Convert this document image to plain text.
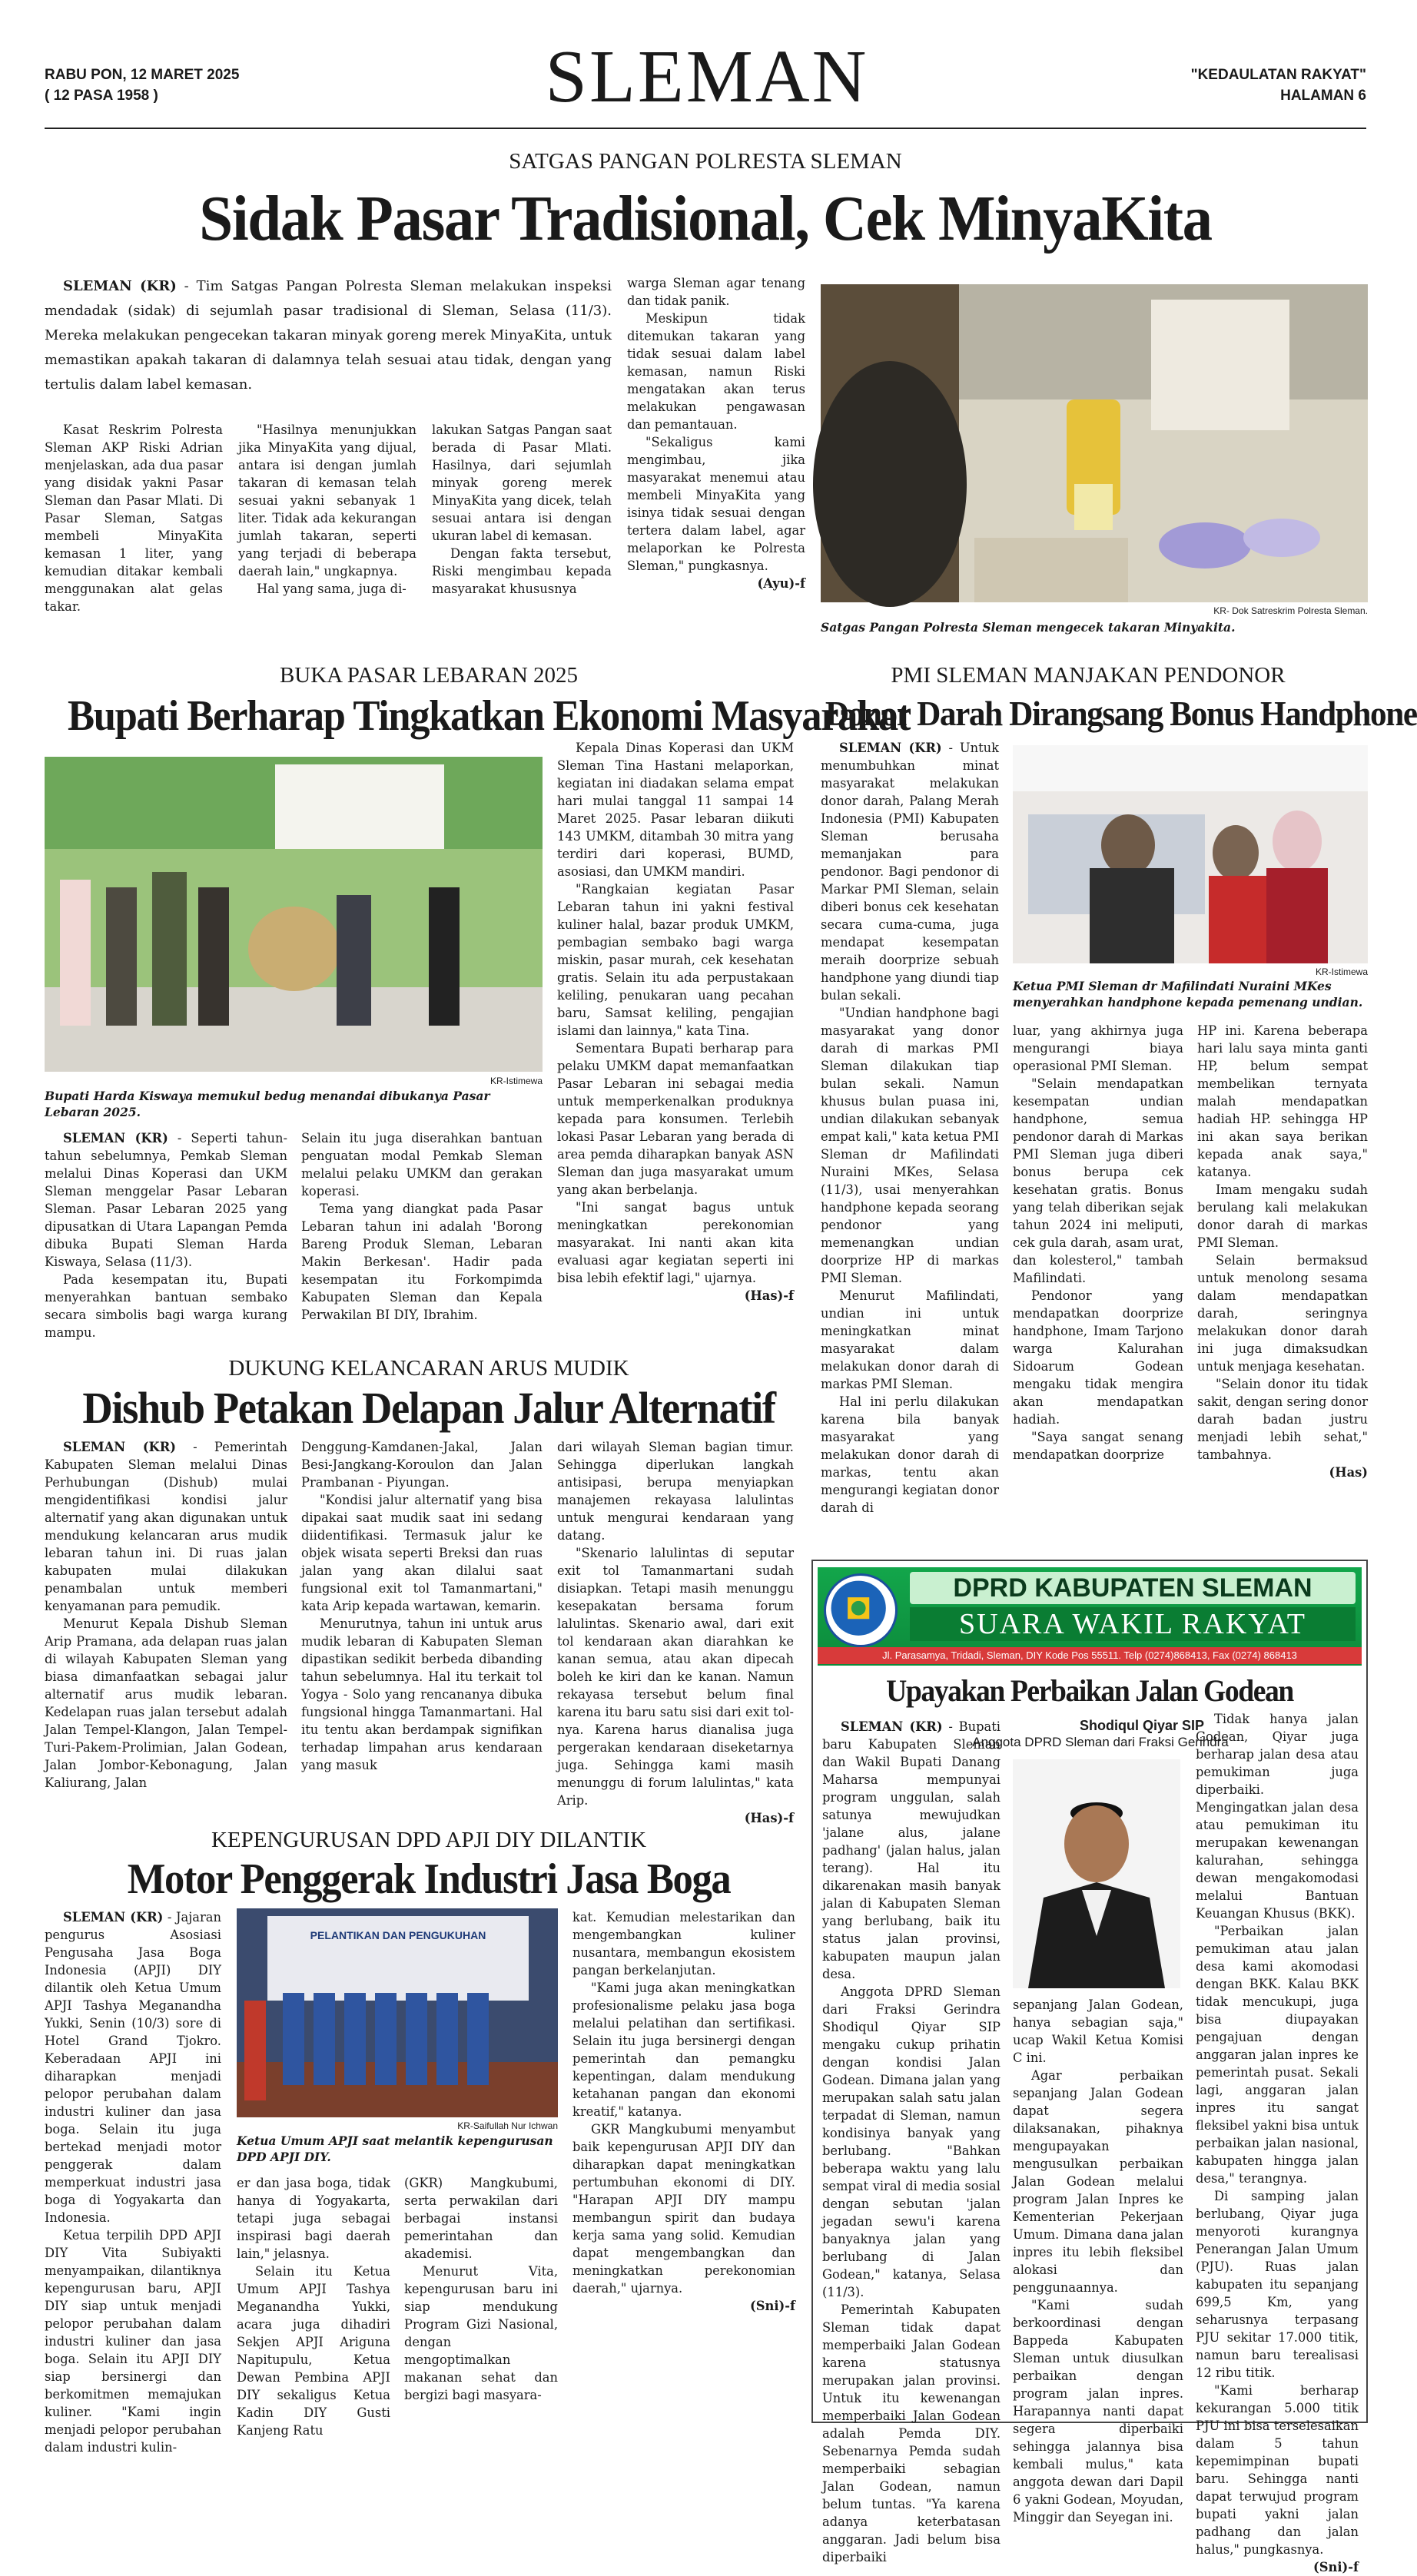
RABU PON, 12 MARET 2025
( 12 PASA 1958 )	SLEMAN	"KEDAULATAN RAKYAT"
HALAMAN 6
SATGAS PANGAN POLRESTA SLEMAN
Sidak Pasar Tradisional, Cek MinyaKita

SLEMAN (KR) - Tim Satgas Pangan Polresta Sleman melakukan inspeksi mendadak (sidak) di sejumlah pasar tradisional di Sleman, Selasa (11/3). Mereka melakukan pengecekan takaran minyak goreng merek MinyaKita, untuk memastikan apakah takaran di dalamnya telah sesuai atau tidak, dengan yang tertulis dalam label kemasan.

Kasat Reskrim Polresta Sleman AKP Riski Adrian menjelaskan, ada dua pasar yang disidak yakni Pasar Sleman dan Pasar Mlati. Di Pasar Sleman, Satgas membeli MinyaKita kemasan 1 liter, yang kemudian ditakar kembali menggunakan alat gelas takar.

"Hasilnya menunjukkan jika MinyaKita yang dijual, antara isi dengan jumlah takaran di kemasan telah sesuai yakni sebanyak 1 liter. Tidak ada kekurangan jumlah takaran, seperti yang terjadi di beberapa daerah lain," ungkapnya.

Hal yang sama, juga di-

lakukan Satgas Pangan saat berada di Pasar Mlati. Hasilnya, dari sejumlah minyak goreng merek MinyaKita yang dicek, telah sesuai antara isi dengan ukuran label di kemasan.

Dengan fakta tersebut, Riski mengimbau kepada masyarakat khususnya

warga Sleman agar tenang dan tidak panik.

Meskipun tidak ditemukan takaran yang tidak sesuai dalam label kemasan, namun Riski mengatakan akan terus melakukan pengawasan dan pemantauan.

"Sekaligus kami mengimbau, jika masyarakat menemui atau membeli MinyaKita yang isinya tidak sesuai dengan tertera dalam label, agar melaporkan ke Polresta Sleman," pungkasnya.

(Ayu)-f

KR- Dok Satreskrim Polresta Sleman.
Satgas Pangan Polresta Sleman mengecek takaran Minyakita.
BUKA PASAR LEBARAN 2025
Bupati Berharap Tingkatkan Ekonomi Masyarakat
KR-Istimewa
Bupati Harda Kiswaya memukul bedug menandai dibukanya Pasar Lebaran 2025.

SLEMAN (KR) - Seperti tahun-tahun sebelumnya, Pemkab Sleman melalui Dinas Koperasi dan UKM Sleman menggelar Pasar Lebaran Sleman. Pasar Lebaran 2025 yang dipusatkan di Utara Lapangan Pemda dibuka Bupati Sleman Harda Kiswaya, Selasa (11/3).

Pada kesempatan itu, Bupati menyerahkan bantuan sembako secara simbolis bagi warga kurang mampu.

Selain itu juga diserahkan bantuan penguatan modal Pemkab Sleman melalui pelaku UMKM dan gerakan koperasi.

Tema yang diangkat pada Pasar Lebaran tahun ini adalah 'Borong Bareng Produk Sleman, Lebaran Makin Berkesan'. Hadir pada kesempatan itu Forkompimda Kabupaten Sleman dan Kepala Perwakilan BI DIY, Ibrahim.

Kepala Dinas Koperasi dan UKM Sleman Tina Hastani melaporkan, kegiatan ini diadakan selama empat hari mulai tanggal 11 sampai 14 Maret 2025. Pasar lebaran diikuti 143 UMKM, ditambah 30 mitra yang terdiri dari koperasi, BUMD, asosiasi, dan UMKM mandiri.

"Rangkaian kegiatan Pasar Lebaran tahun ini yakni festival kuliner halal, bazar produk UMKM, pembagian sembako bagi warga miskin, pasar murah, cek kesehatan gratis. Selain itu ada perpustakaan keliling, penukaran uang pecahan baru, Samsat keliling, pengajian islami dan lainnya," kata Tina.

Sementara Bupati berharap para pelaku UMKM dapat memanfaatkan Pasar Lebaran ini sebagai media untuk memperkenalkan produknya kepada para konsumen. Terlebih lokasi Pasar Lebaran yang berada di area pemda diharapkan banyak ASN Sleman dan juga masyarakat umum yang akan berbelanja.

"Ini sangat bagus untuk meningkatkan perekonomian masyarakat. Ini nanti akan kita evaluasi agar kegiatan seperti ini bisa lebih efektif lagi," ujarnya.

(Has)-f

PMI SLEMAN MANJAKAN PENDONOR
Donor Darah Dirangsang Bonus Handphone

SLEMAN (KR) - Untuk menumbuhkan minat masyarakat melakukan donor darah, Palang Merah Indonesia (PMI) Kabupaten Sleman berusaha memanjakan para pendonor. Bagi pendonor di Markar PMI Sleman, selain diberi bonus cek kesehatan secara cuma-cuma, juga mendapat kesempatan meraih doorprize sebuah handphone yang diundi tiap bulan sekali.

"Undian handphone bagi masyarakat yang donor darah di markas PMI Sleman dilakukan tiap bulan sekali. Namun khusus bulan puasa ini, undian dilakukan sebanyak empat kali," kata ketua PMI Sleman dr Mafilindati Nuraini MKes, Selasa (11/3), usai menyerahkan handphone kepada seorang pendonor yang memenangkan undian doorprize HP di markas PMI Sleman.

Menurut Mafilindati, undian ini untuk meningkatkan minat masyarakat dalam melakukan donor darah di markas PMI Sleman.

Hal ini perlu dilakukan karena bila banyak masyarakat yang melakukan donor darah di markas, tentu akan mengurangi kegiatan donor darah di

KR-Istimewa
Ketua PMI Sleman dr Mafilindati Nuraini MKes menyerahkan handphone kepada pemenang undian.

luar, yang akhirnya juga mengurangi biaya operasional PMI Sleman.

"Selain mendapatkan kesempatan undian handphone, semua pendonor darah di Markas PMI Sleman juga diberi bonus berupa cek kesehatan gratis. Bonus yang telah diberikan sejak tahun 2024 ini meliputi, cek gula darah, asam urat, dan kolesterol," tambah Mafilindati.

Pendonor yang mendapatkan doorprize handphone, Imam Tarjono warga Kalurahan Sidoarum Godean mengaku tidak mengira akan mendapatkan hadiah.

"Saya sangat senang mendapatkan doorprize

HP ini. Karena beberapa hari lalu saya minta ganti HP, belum sempat membelikan ternyata malah mendapatkan hadiah HP. sehingga HP ini akan saya berikan kepada anak saya," katanya.

Imam mengaku sudah berulang kali melakukan donor darah di markas PMI Sleman.

Selain bermaksud untuk menolong sesama dalam mendapatkan darah, seringnya melakukan donor darah ini juga dimaksudkan untuk menjaga kesehatan.

"Selain donor itu tidak sakit, dengan sering donor darah badan justru menjadi lebih sehat," tambahnya.

(Has)

DUKUNG KELANCARAN ARUS MUDIK
Dishub Petakan Delapan Jalur Alternatif

SLEMAN (KR) - Pemerintah Kabupaten Sleman melalui Dinas Perhubungan (Dishub) mulai mengidentifikasi kondisi jalur alternatif yang akan digunakan untuk mendukung kelancaran arus mudik lebaran tahun ini. Di ruas jalan kabupaten mulai dilakukan penambalan untuk memberi kenyamanan para pemudik.

Menurut Kepala Dishub Sleman Arip Pramana, ada delapan ruas jalan di wilayah Kabupaten Sleman yang biasa dimanfaatkan sebagai jalur alternatif arus mudik lebaran. Kedelapan ruas jalan tersebut adalah Jalan Tempel-Klangon, Jalan Tempel-Turi-Pakem-Prolimian, Jalan Godean, Jalan Jombor-Kebonagung, Jalan Kaliurang, Jalan

Denggung-Kamdanen-Jakal, Jalan Besi-Jangkang-Koroulon dan Jalan Prambanan - Piyungan.

"Kondisi jalur alternatif yang bisa dipakai saat mudik saat ini sedang diidentifikasi. Termasuk jalur ke objek wisata seperti Breksi dan ruas jalan yang akan dilalui saat fungsional exit tol Tamanmartani," kata Arip kepada wartawan, kemarin.

Menurutnya, tahun ini untuk arus mudik lebaran di Kabupaten Sleman dipastikan sedikit berbeda dibanding tahun sebelumnya. Hal itu terkait tol Yogya - Solo yang rencananya dibuka fungsional hingga Tamanmartani. Hal itu tentu akan berdampak signifikan terhadap limpahan arus kendaraan yang masuk

dari wilayah Sleman bagian timur. Sehingga diperlukan langkah antisipasi, berupa menyiapkan manajemen rekayasa lalulintas untuk mengurai kendaraan yang datang.

"Skenario lalulintas di seputar exit tol Tamanmartani sudah disiapkan. Tetapi masih menunggu kesepakatan bersama forum lalulintas. Skenario awal, dari exit tol kendaraan akan diarahkan ke kanan semua, atau akan dipecah boleh ke kiri dan ke kanan. Namun rekayasa tersebut belum final karena itu baru satu sisi dari exit tol-nya. Karena harus dianalisa juga pergerakan kendaraan diseketarnya juga. Sehingga kami masih menunggu di forum lalulintas," kata Arip.

(Has)-f

KEPENGURUSAN DPD APJI DIY DILANTIK
Motor Penggerak Industri Jasa Boga

SLEMAN (KR) - Jajaran pengurus Asosiasi Pengusaha Jasa Boga Indonesia (APJI) DIY dilantik oleh Ketua Umum APJI Tashya Meganandha Yukki, Senin (10/3) sore di Hotel Grand Tjokro. Keberadaan APJI ini diharapkan menjadi pelopor perubahan dalam industri kuliner dan jasa boga. Selain itu juga bertekad menjadi motor penggerak dalam memperkuat industri jasa boga di Yogyakarta dan Indonesia.

Ketua terpilih DPD APJI DIY Vita Subiyakti menyampaikan, dilantiknya kepengurusan baru, APJI DIY siap untuk menjadi pelopor perubahan dalam industri kuliner dan jasa boga. Selain itu APJI DIY siap bersinergi dan berkomitmen memajukan kuliner. "Kami ingin menjadi pelopor perubahan dalam industri kulin-

PELANTIKAN DAN PENGUKUHAN
KR-Saifullah Nur Ichwan
Ketua Umum APJI saat melantik kepengurusan DPD APJI DIY.

er dan jasa boga, tidak hanya di Yogyakarta, tetapi juga sebagai inspirasi bagi daerah lain," jelasnya.

Selain itu Ketua Umum APJI Tashya Meganandha Yukki, acara juga dihadiri Sekjen APJI Ariguna Napitupulu, Ketua Dewan Pembina APJI DIY sekaligus Ketua Kadin DIY Gusti Kanjeng Ratu

(GKR) Mangkubumi, serta perwakilan dari berbagai instansi pemerintahan dan akademisi.

Menurut Vita, kepengurusan baru ini siap mendukung Program Gizi Nasional, dengan mengoptimalkan makanan sehat dan bergizi bagi masyara-

kat. Kemudian melestarikan dan mengembangkan kuliner nusantara, membangun ekosistem pangan berkelanjutan.

"Kami juga akan meningkatkan profesionalisme pelaku jasa boga melalui pelatihan dan sertifikasi. Selain itu juga bersinergi dengan pemerintah dan pemangku kepentingan, dalam mendukung ketahanan pangan dan ekonomi kreatif," katanya.

GKR Mangkubumi menyambut baik kepengurusan APJI DIY dan diharapkan dapat meningkatkan pertumbuhan ekonomi di DIY. "Harapan APJI DIY mampu membangun spirit dan budaya kerja sama yang solid. Kemudian dapat mengembangkan dan meningkatkan perekonomian daerah," ujarnya.

(Sni)-f

DPRD KABUPATEN SLEMAN
SUARA WAKIL RAKYAT
Jl. Parasamya, Tridadi, Sleman, DIY Kode Pos 55511. Telp (0274)868413, Fax (0274) 868413
Upayakan Perbaikan Jalan Godean
Shodiqul Qiyar SIP
Anggota DPRD Sleman dari Fraksi Gerindra

SLEMAN (KR) - Bupati baru Kabupaten Sleman dan Wakil Bupati Danang Maharsa mempunyai program unggulan, salah satunya mewujudkan 'jalane alus, jalane padhang' (jalan halus, jalan terang). Hal itu dikarenakan masih banyak jalan di Kabupaten Sleman yang berlubang, baik itu status jalan provinsi, kabupaten maupun jalan desa.

Anggota DPRD Sleman dari Fraksi Gerindra Shodiqul Qiyar SIP mengaku cukup prihatin dengan kondisi Jalan Godean. Dimana jalan yang merupakan salah satu jalan terpadat di Sleman, namun kondisinya banyak yang berlubang. "Bahkan beberapa waktu yang lalu sempat viral di media sosial dengan sebutan 'jalan jegadan sewu'i karena banyaknya jalan yang berlubang di Jalan Godean," katanya, Selasa (11/3).

Pemerintah Kabupaten Sleman tidak dapat memperbaiki Jalan Godean karena statusnya merupakan jalan provinsi. Untuk itu kewenangan memperbaiki Jalan Godean adalah Pemda DIY. Sebenarnya Pemda sudah memperbaiki sebagian Jalan Godean, namun belum tuntas. "Ya karena adanya keterbatasan anggaran. Jadi belum bisa diperbaiki

sepanjang Jalan Godean, hanya sebagian saja," ucap Wakil Ketua Komisi C ini.

Agar perbaikan sepanjang Jalan Godean dapat segera dilaksanakan, pihaknya mengupayakan mengusulkan perbaikan Jalan Godean melalui program Jalan Inpres ke Kementerian Pekerjaan Umum. Dimana dana jalan inpres itu lebih fleksibel alokasi dan penggunaannya.

"Kami sudah berkoordinasi dengan Bappeda Kabupaten Sleman untuk diusulkan perbaikan dengan program jalan inpres. Harapannya nanti dapat segera diperbaiki sehingga jalannya bisa kembali mulus," kata anggota dewan dari Dapil 6 yakni Godean, Moyudan, Minggir dan Seyegan ini.

Tidak hanya jalan Godean, Qiyar juga berharap jalan desa atau pemukiman juga diperbaiki. Mengingatkan jalan desa atau pemukiman itu merupakan kewenangan kalurahan, sehingga dewan mengakomodasi melalui Bantuan Keuangan Khusus (BKK).

"Perbaikan jalan pemukiman atau jalan desa kami akomodasi dengan BKK. Kalau BKK tidak mencukupi, juga bisa diupayakan pengajuan dengan anggaran jalan inpres ke pemerintah pusat. Sekali lagi, anggaran jalan inpres itu sangat fleksibel yakni bisa untuk perbaikan jalan nasional, kabupaten hingga jalan desa," terangnya.

Di samping jalan berlubang, Qiyar juga menyoroti kurangnya Penerangan Jalan Umum (PJU). Ruas jalan kabupaten itu sepanjang 699,5 Km, yang seharusnya terpasang PJU sekitar 17.000 titik, namun baru terealisasi 12 ribu titik.

"Kami berharap kekurangan 5.000 titik PJU ini bisa terselesaikan dalam 5 tahun kepemimpinan bupati baru. Sehingga nanti dapat terwujud program bupati yakni jalan padhang dan jalan halus," pungkasnya.

(Sni)-f
